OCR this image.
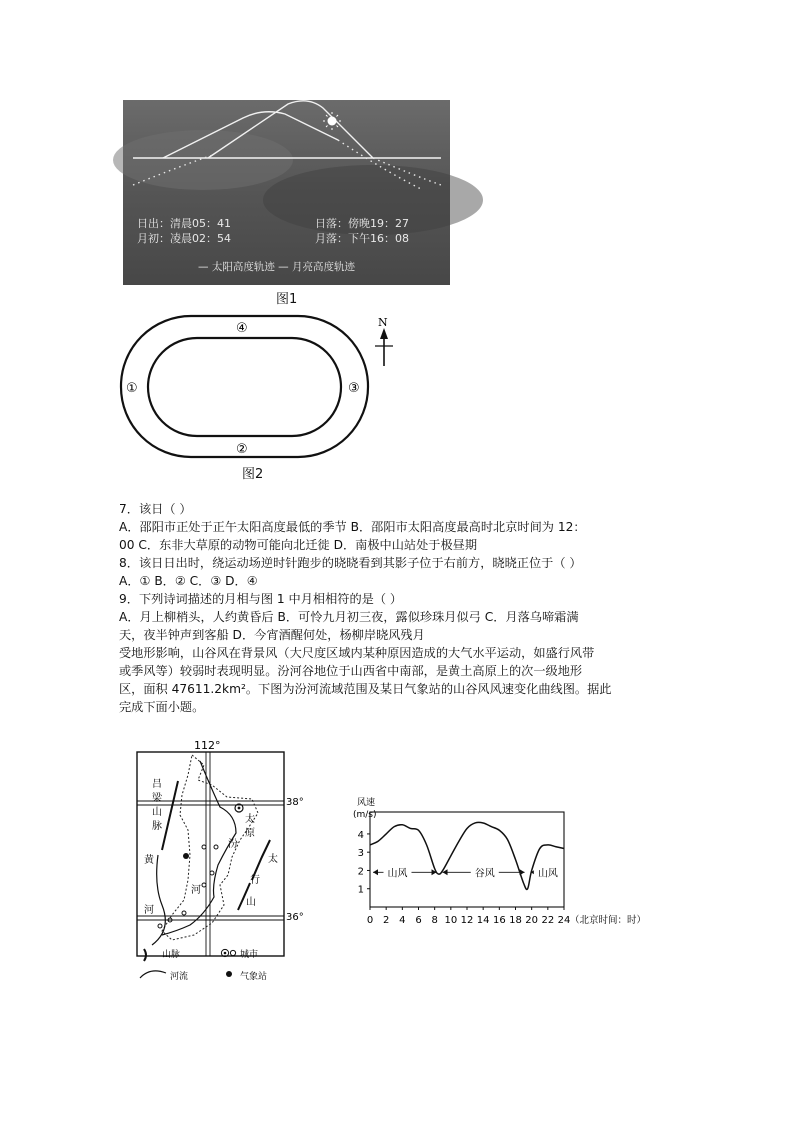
日出：清晨05：41	日落：傍晚19：27
月初：凌晨02：54	月落：下午16：08
— 太阳高度轨迹 — 月亮高度轨迹
图1
N
①
②
③
④
图2
7．该日（ ）
A．邵阳市正处于正午太阳高度最低的季节 B．邵阳市太阳高度最高时北京时间为 12：
00 C．东非大草原的动物可能向北迁徙 D．南极中山站处于极昼期
8．该日日出时，绕运动场逆时针跑步的晓晓看到其影子位于右前方，晓晓正位于（ ）
A．① B．② C．③ D．④
9．下列诗词描述的月相与图 1 中月相相符的是（ ）
A．月上柳梢头，人约黄昏后 B．可怜九月初三夜，露似珍珠月似弓 C．月落乌啼霜满
天，夜半钟声到客船 D．今宵酒醒何处，杨柳岸晓风残月
受地形影响，山谷风在背景风（大尺度区域内某种原因造成的大气水平运动，如盛行风带
或季风等）较弱时表现明显。汾河谷地位于山西省中南部，是黄土高原上的次一级地形
区，面积 47611.2km²。下图为汾河流域范围及某日气象站的山谷风风速变化曲线图。据此
完成下面小题。
112°
38°
36°
吕
梁
山
脉
太
原
汾
黄
河
河
太
行
山
山脉	城市
河流	气象站
风速
(m/s)
1
2
3
4
0 2 4 6 8 10 12 14 16 18 20 22 24 （北京时间：时）
山风	谷风	山风
